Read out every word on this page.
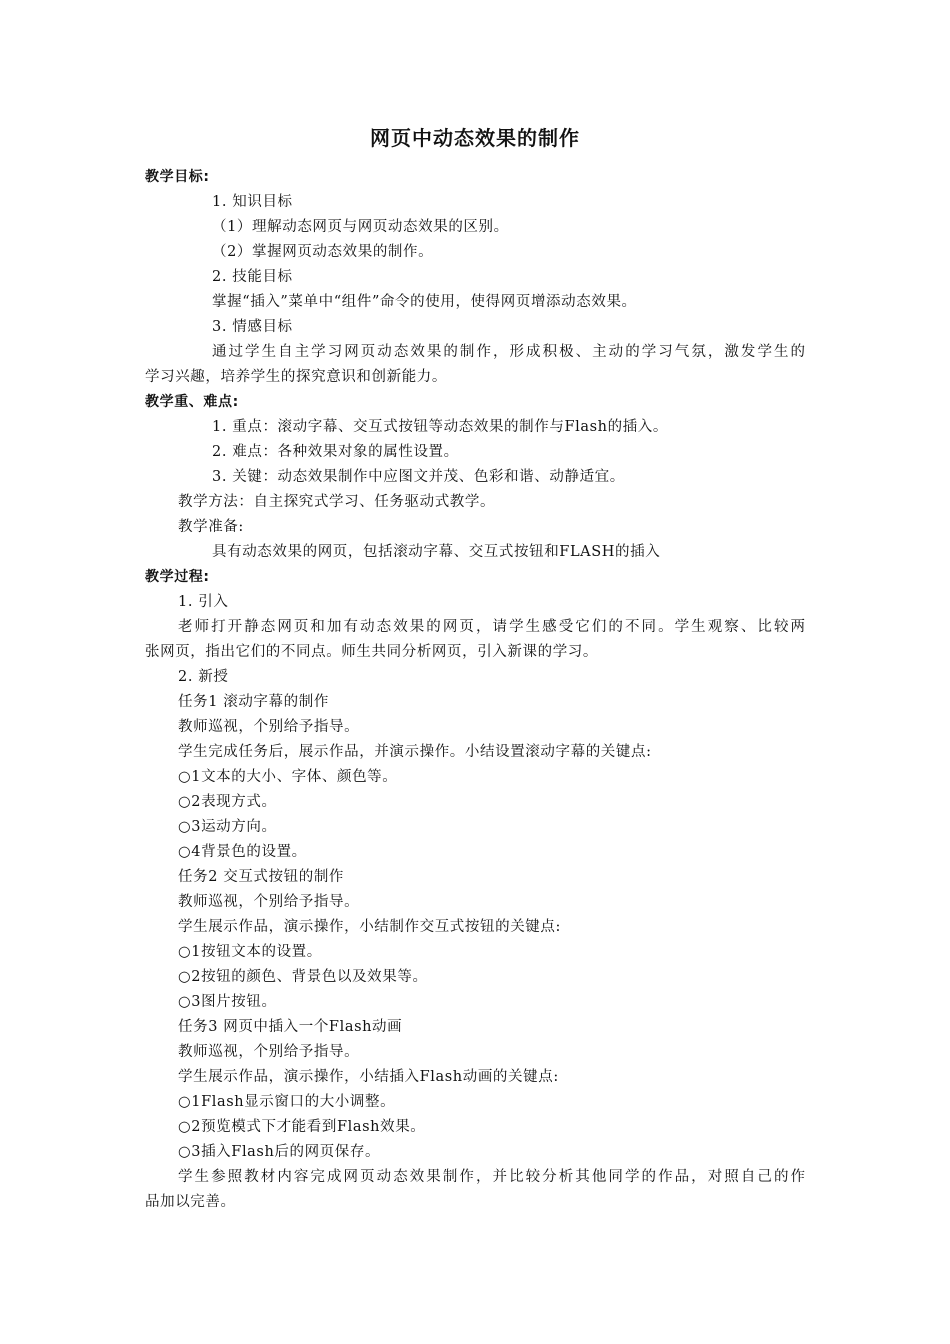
网页中动态效果的制作
教学目标:
1. 知识目标
（1）理解动态网页与网页动态效果的区别。
（2）掌握网页动态效果的制作。
2. 技能目标
掌握“插入”菜单中“组件”命令的使用，使得网页增添动态效果。
3. 情感目标
通过学生自主学习网页动态效果的制作，形成积极、主动的学习气氛，激发学生的
学习兴趣，培养学生的探究意识和创新能力。
教学重、难点:
1. 重点：滚动字幕、交互式按钮等动态效果的制作与Flash的插入。
2. 难点：各种效果对象的属性设置。
3. 关键：动态效果制作中应图文并茂、色彩和谐、动静适宜。
教学方法：自主探究式学习、任务驱动式教学。
教学准备:
具有动态效果的网页，包括滚动字幕、交互式按钮和FLASH的插入
教学过程:
1. 引入
老师打开静态网页和加有动态效果的网页，请学生感受它们的不同。学生观察、比较两
张网页，指出它们的不同点。师生共同分析网页，引入新课的学习。
2. 新授
任务1 滚动字幕的制作
教师巡视，个别给予指导。
学生完成任务后，展示作品，并演示操作。小结设置滚动字幕的关键点:
○1文本的大小、字体、颜色等。
○2表现方式。
○3运动方向。
○4背景色的设置。
任务2 交互式按钮的制作
教师巡视，个别给予指导。
学生展示作品，演示操作，小结制作交互式按钮的关键点:
○1按钮文本的设置。
○2按钮的颜色、背景色以及效果等。
○3图片按钮。
任务3 网页中插入一个Flash动画
教师巡视，个别给予指导。
学生展示作品，演示操作，小结插入Flash动画的关键点:
○1Flash显示窗口的大小调整。
○2预览模式下才能看到Flash效果。
○3插入Flash后的网页保存。
学生参照教材内容完成网页动态效果制作，并比较分析其他同学的作品，对照自己的作
品加以完善。
